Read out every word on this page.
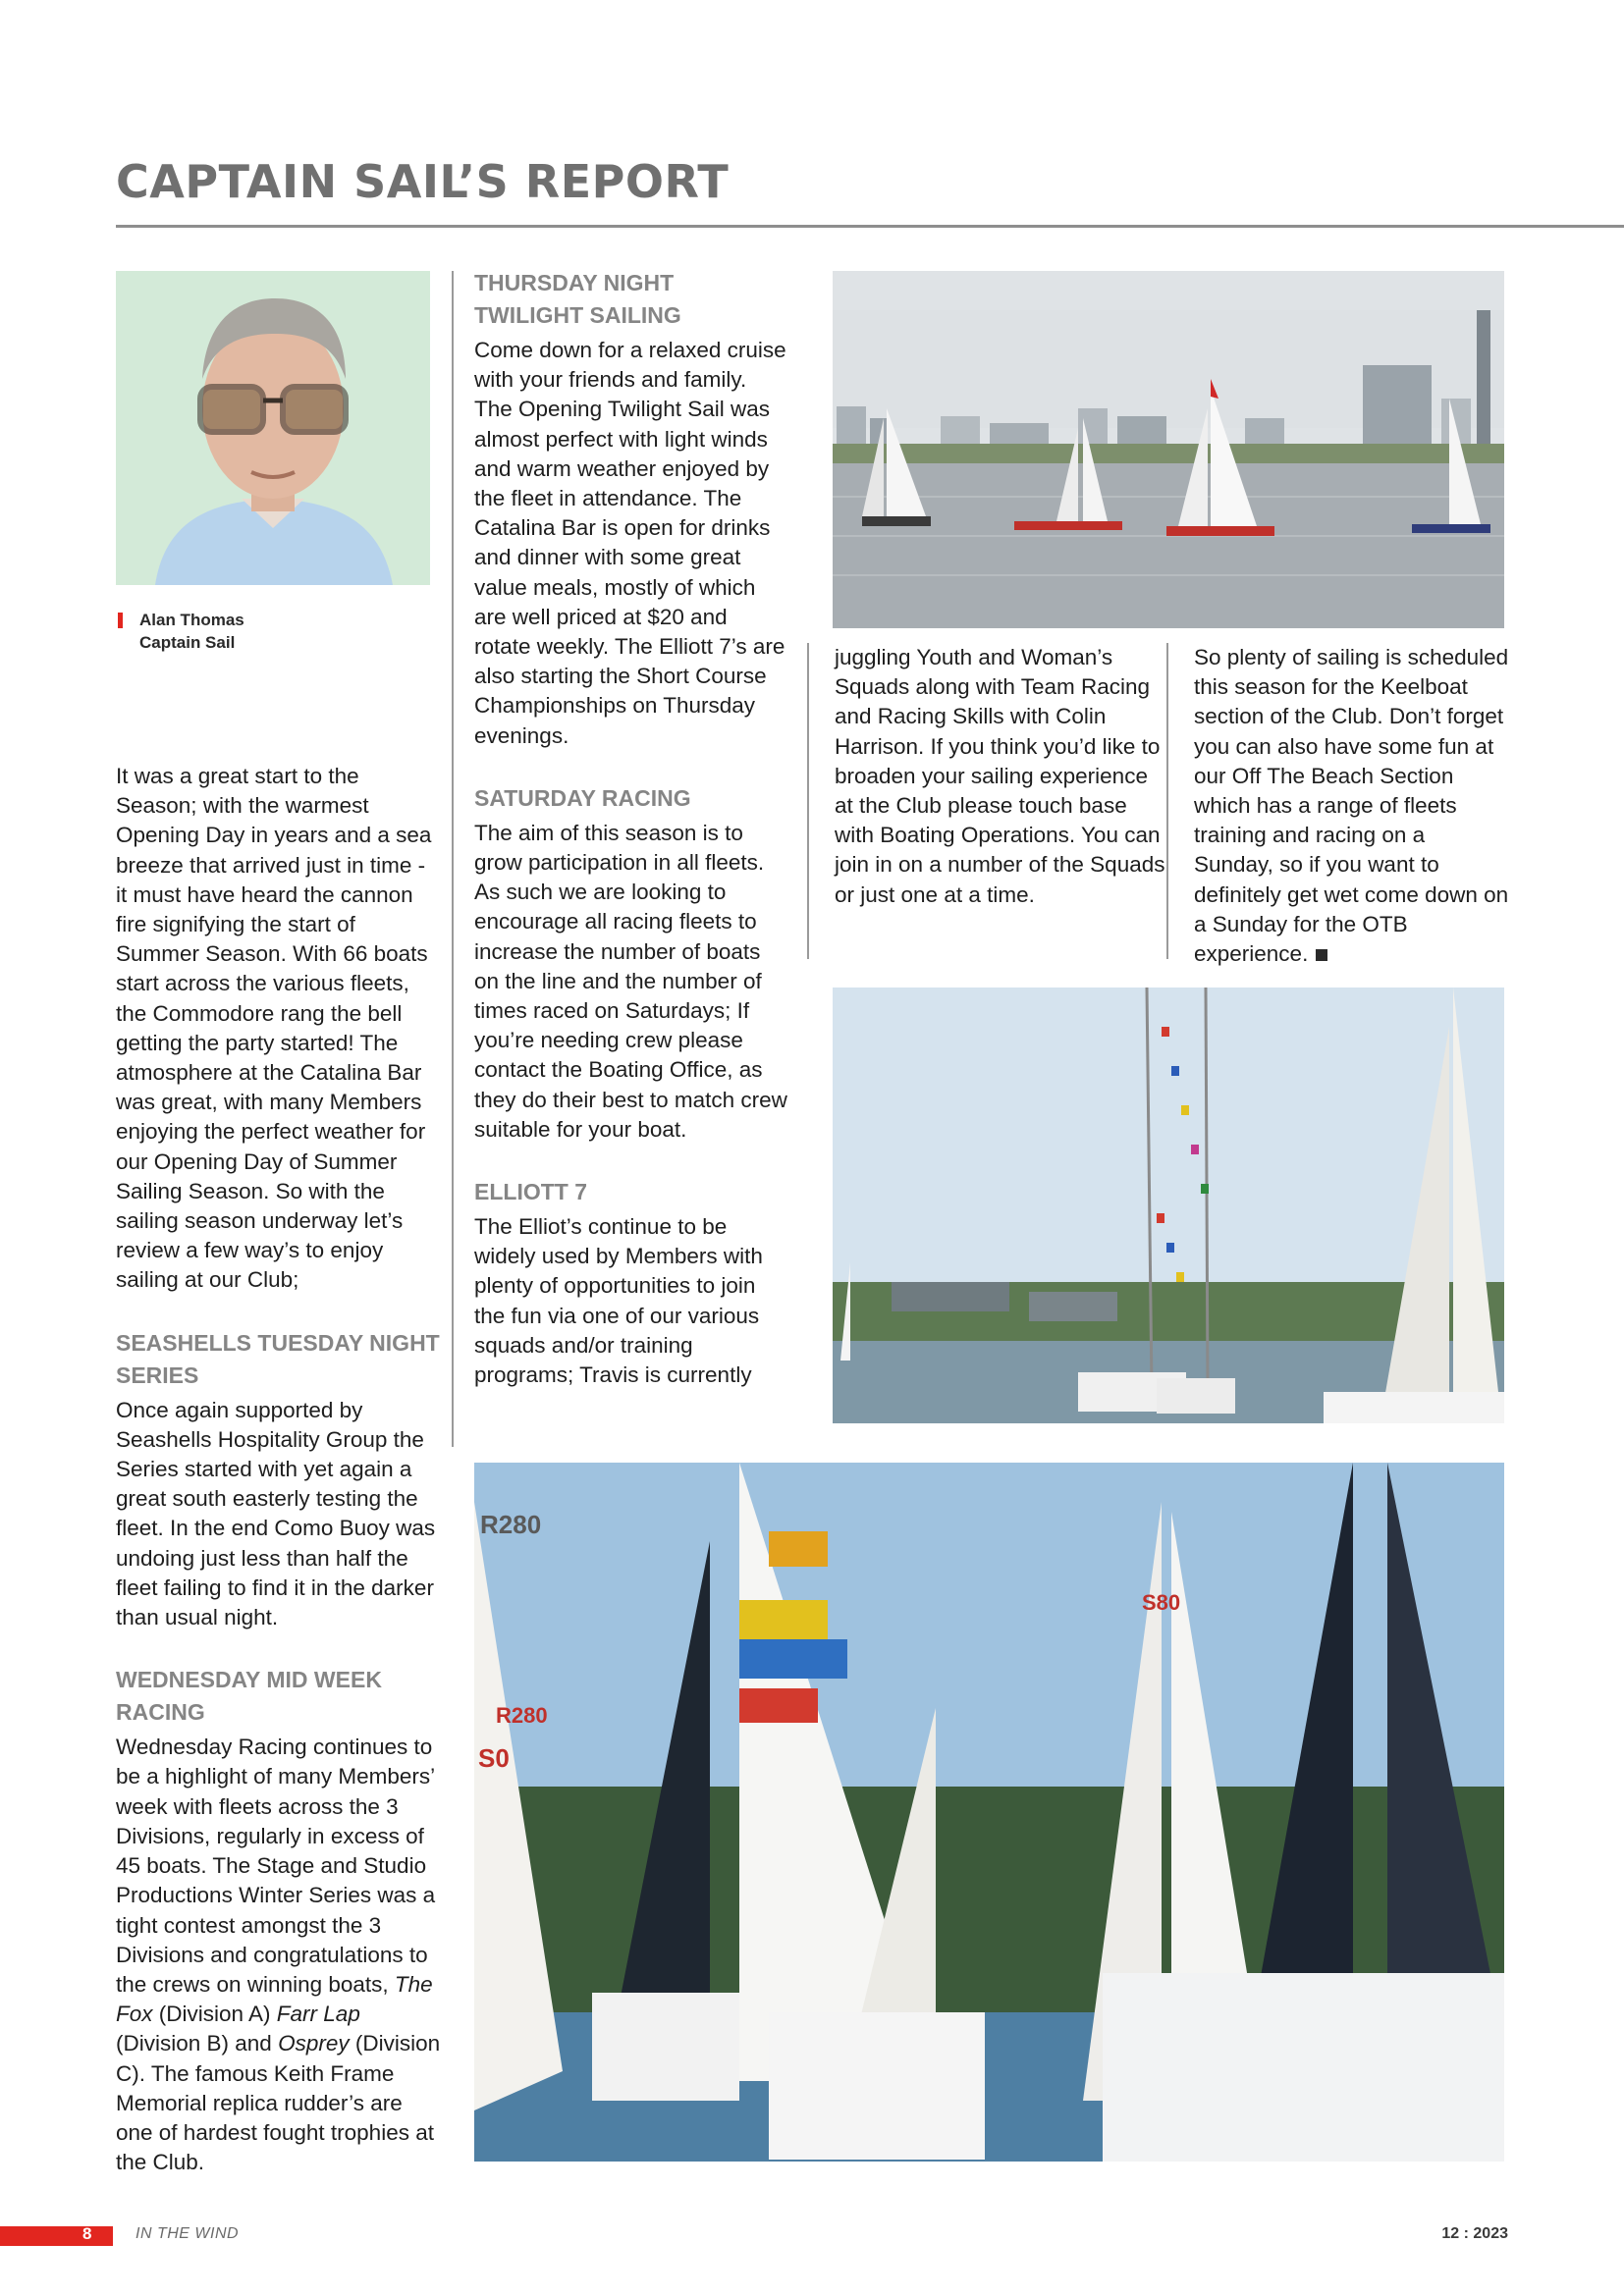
CAPTAIN SAIL’S REPORT
Alan Thomas
Captain Sail

It was a great start to the Season; with the warmest Opening Day in years and a sea breeze that arrived just in time - it must have heard the cannon fire signifying the start of Summer Season. With 66 boats start across the various fleets, the Commodore rang the bell getting the party started! The atmosphere at the Catalina Bar was great, with many Members enjoying the perfect weather for our Opening Day of Summer Sailing Season. So with the sailing season underway let’s review a few way’s to enjoy sailing at our Club;

SEASHELLS TUESDAY NIGHT SERIES

Once again supported by Seashells Hospitality Group the Series started with yet again a great south easterly testing the fleet. In the end Como Buoy was undoing just less than half the fleet failing to find it in the darker than usual night.

WEDNESDAY MID WEEK RACING

Wednesday Racing continues to be a highlight of many Members’ week with fleets across the 3 Divisions, regularly in excess of 45 boats. The Stage and Studio Productions Winter Series was a tight contest amongst the 3 Divisions and congratulations to the crews on winning boats, The Fox (Division A) Farr Lap (Division B) and Osprey (Division C). The famous Keith Frame Memorial replica rudder’s are one of hardest fought trophies at the Club.

THURSDAY NIGHT TWILIGHT SAILING

Come down for a relaxed cruise with your friends and family. The Opening Twilight Sail was almost perfect with light winds and warm weather enjoyed by the fleet in attendance. The Catalina Bar is open for drinks and dinner with some great value meals, mostly of which are well priced at $20 and rotate weekly. The Elliott 7’s are also starting the Short Course Championships on Thursday evenings.

SATURDAY RACING

The aim of this season is to grow participation in all fleets. As such we are looking to encourage all racing fleets to increase the number of boats on the line and the number of times raced on Saturdays; If you’re needing crew please contact the Boating Office, as they do their best to match crew suitable for your boat.

ELLIOTT 7

The Elliot’s continue to be widely used by Members with plenty of opportunities to join the fun via one of our various squads and/or training programs; Travis is currently

juggling Youth and Woman’s Squads along with Team Racing and Racing Skills with Colin Harrison. If you think you’d like to broaden your sailing experience at the Club please touch base with Boating Operations. You can join in on a number of the Squads or just one at a time.

So plenty of sailing is scheduled this season for the Keelboat section of the Club. Don’t forget you can also have some fun at our Off The Beach Section which has a range of fleets training and racing on a Sunday, so if you want to definitely get wet come down on a Sunday for the OTB experience.

R280
R280
S80
S0
8	IN THE WIND	12 : 2023
